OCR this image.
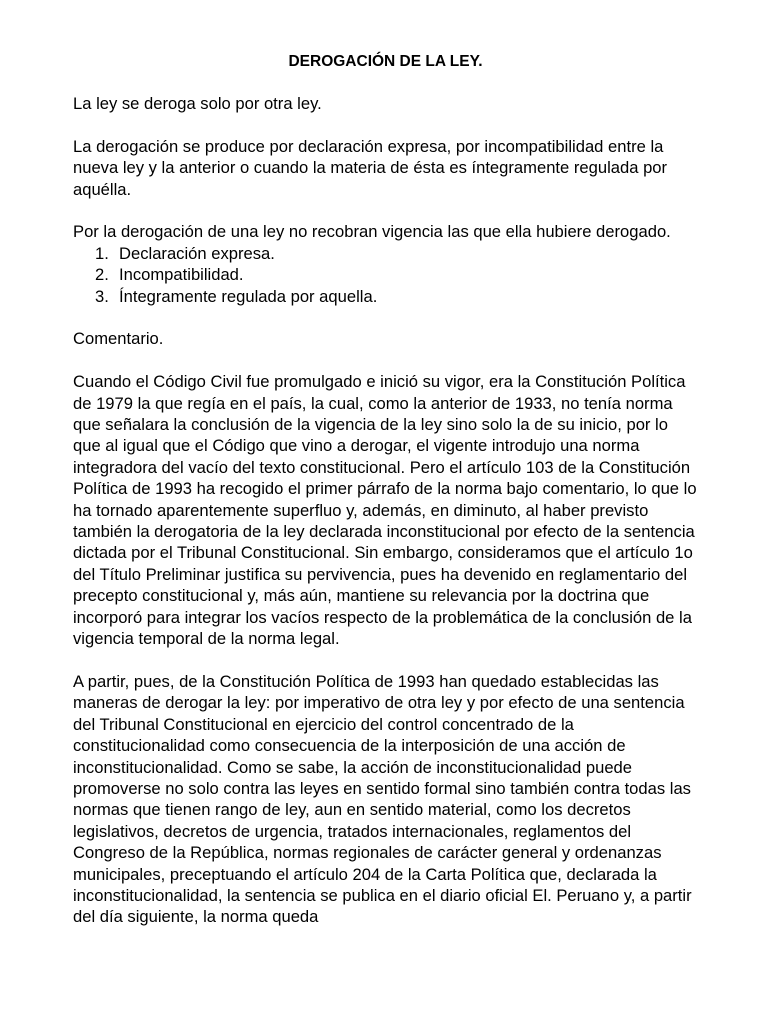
DEROGACIÓN DE LA LEY.

La ley se deroga solo por otra ley.

La derogación se produce por declaración expresa, por incompatibilidad entre la nueva ley y la anterior o cuando la materia de ésta es íntegramente regulada por aquélla.

Por la derogación de una ley no recobran vigencia las que ella hubiere derogado.

1. Declaración expresa.
2. Incompatibilidad.
3. Íntegramente regulada por aquella.

Comentario.

Cuando el Código Civil fue promulgado e inició su vigor, era la Constitución Política de 1979 la que regía en el país, la cual, como la anterior de 1933, no tenía norma que señalara la conclusión de la vigencia de la ley sino solo la de su inicio, por lo que al igual que el Código que vino a derogar, el vigente introdujo una norma integradora del vacío del texto constitucional. Pero el artículo 103 de la Constitución Política de 1993 ha recogido el primer párrafo de la norma bajo comentario, lo que lo ha tornado aparentemente superfluo y, además, en diminuto, al haber previsto también la derogatoria de la ley declarada inconstitucional por efecto de la sentencia dictada por el Tribunal Constitucional. Sin embargo, consideramos que el artículo 1o del Título Preliminar justifica su pervivencia, pues ha devenido en reglamentario del precepto constitucional y, más aún, mantiene su relevancia por la doctrina que incorporó para integrar los vacíos respecto de la problemática de la conclusión de la vigencia temporal de la norma legal.

A partir, pues, de la Constitución Política de 1993 han quedado establecidas las maneras de derogar la ley: por imperativo de otra ley y por efecto de una sentencia del Tribunal Constitucional en ejercicio del control concentrado de la constitucionalidad como consecuencia de la interposición de una acción de inconstitucionalidad. Como se sabe, la acción de inconstitucionalidad puede promoverse no solo contra las leyes en sentido formal sino también contra todas las normas que tienen rango de ley, aun en sentido material, como los decretos legislativos, decretos de urgencia, tratados internacionales, reglamentos del Congreso de la República, normas regionales de carácter general y ordenanzas municipales, preceptuando el artículo 204 de la Carta Política que, declarada la inconstitucionalidad, la sentencia se publica en el diario oficial El. Peruano y, a partir del día siguiente, la norma queda
